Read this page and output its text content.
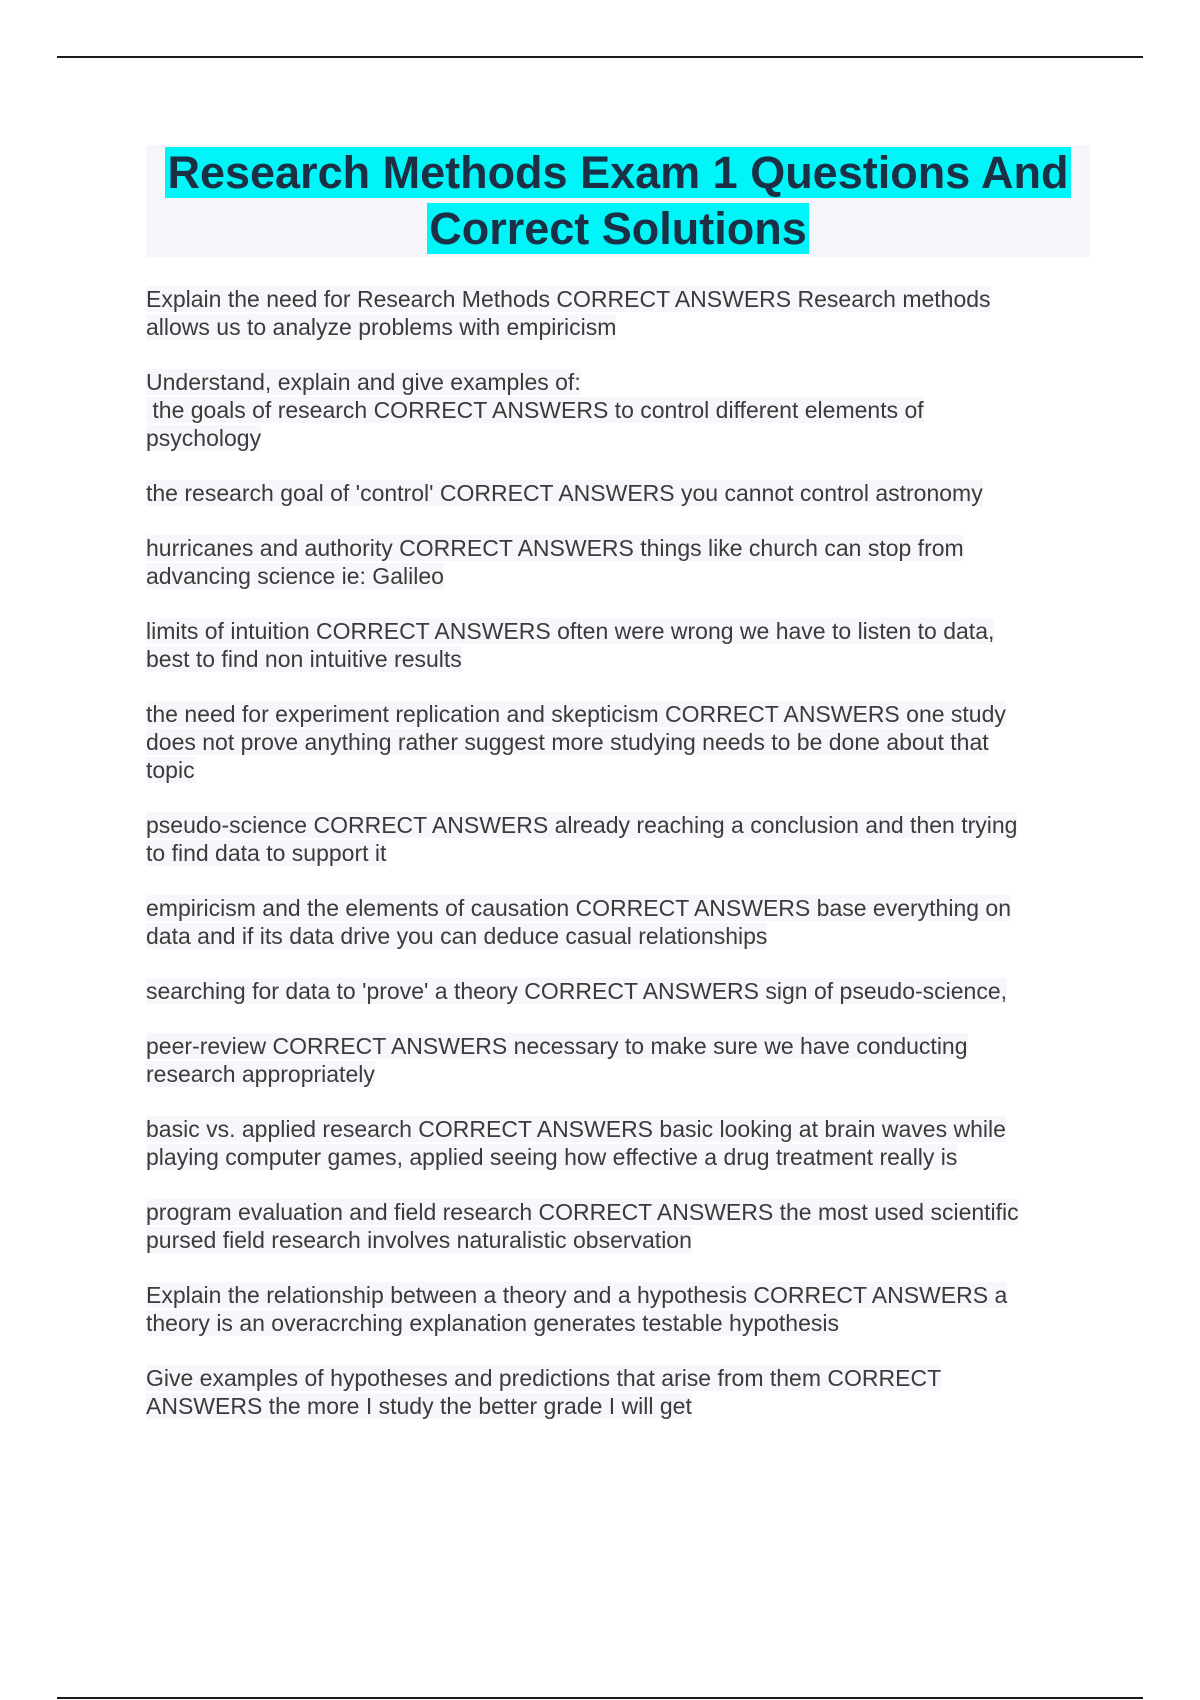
Research Methods Exam 1 Questions And Correct Solutions
Explain the need for Research Methods CORRECT ANSWERS Research methods
allows us to analyze problems with empiricism
Understand, explain and give examples of:
the goals of research CORRECT ANSWERS to control different elements of
psychology
the research goal of 'control' CORRECT ANSWERS you cannot control astronomy
hurricanes and authority CORRECT ANSWERS things like church can stop from
advancing science ie: Galileo
limits of intuition CORRECT ANSWERS often were wrong we have to listen to data,
best to find non intuitive results
the need for experiment replication and skepticism CORRECT ANSWERS one study
does not prove anything rather suggest more studying needs to be done about that
topic
pseudo-science CORRECT ANSWERS already reaching a conclusion and then trying
to find data to support it
empiricism and the elements of causation CORRECT ANSWERS base everything on
data and if its data drive you can deduce casual relationships
searching for data to 'prove' a theory CORRECT ANSWERS sign of pseudo-science,
peer-review CORRECT ANSWERS necessary to make sure we have conducting
research appropriately
basic vs. applied research CORRECT ANSWERS basic looking at brain waves while
playing computer games, applied seeing how effective a drug treatment really is
program evaluation and field research CORRECT ANSWERS the most used scientific
pursed field research involves naturalistic observation
Explain the relationship between a theory and a hypothesis CORRECT ANSWERS a
theory is an overacrching explanation generates testable hypothesis
Give examples of hypotheses and predictions that arise from them CORRECT
ANSWERS the more I study the better grade I will get
